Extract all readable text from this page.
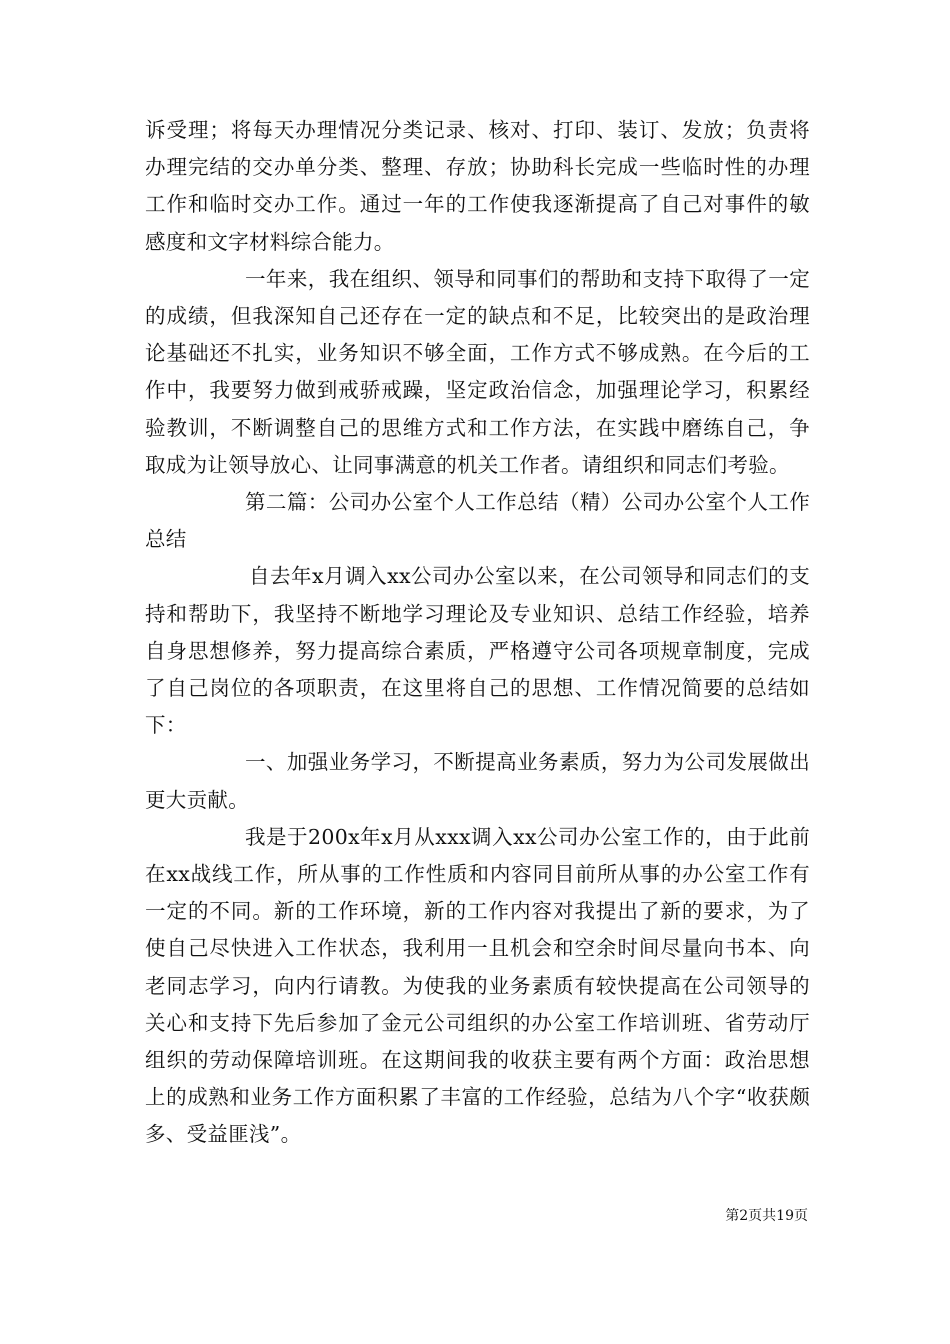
诉受理；将每天办理情况分类记录、核对、打印、装订、发放；负责将办理完结的交办单分类、整理、存放；协助科长完成一些临时性的办理工作和临时交办工作。通过一年的工作使我逐渐提高了自己对事件的敏感度和文字材料综合能力。

一年来，我在组织、领导和同事们的帮助和支持下取得了一定的成绩，但我深知自己还存在一定的缺点和不足，比较突出的是政治理论基础还不扎实，业务知识不够全面，工作方式不够成熟。在今后的工作中，我要努力做到戒骄戒躁，坚定政治信念，加强理论学习，积累经验教训，不断调整自己的思维方式和工作方法，在实践中磨练自己，争取成为让领导放心、让同事满意的机关工作者。请组织和同志们考验。

第二篇：公司办公室个人工作总结（精）公司办公室个人工作总结

自去年x月调入xx公司办公室以来，在公司领导和同志们的支持和帮助下，我坚持不断地学习理论及专业知识、总结工作经验，培养自身思想修养，努力提高综合素质，严格遵守公司各项规章制度，完成了自己岗位的各项职责，在这里将自己的思想、工作情况简要的总结如下：

一、加强业务学习，不断提高业务素质，努力为公司发展做出更大贡献。

我是于200x年x月从xxx调入xx公司办公室工作的，由于此前在xx战线工作，所从事的工作性质和内容同目前所从事的办公室工作有一定的不同。新的工作环境，新的工作内容对我提出了新的要求，为了使自己尽快进入工作状态，我利用一且机会和空余时间尽量向书本、向老同志学习，向内行请教。为使我的业务素质有较快提高在公司领导的关心和支持下先后参加了金元公司组织的办公室工作培训班、省劳动厅组织的劳动保障培训班。在这期间我的收获主要有两个方面：政治思想上的成熟和业务工作方面积累了丰富的工作经验，总结为八个字“收获颇多、受益匪浅”。

第2页共19页
